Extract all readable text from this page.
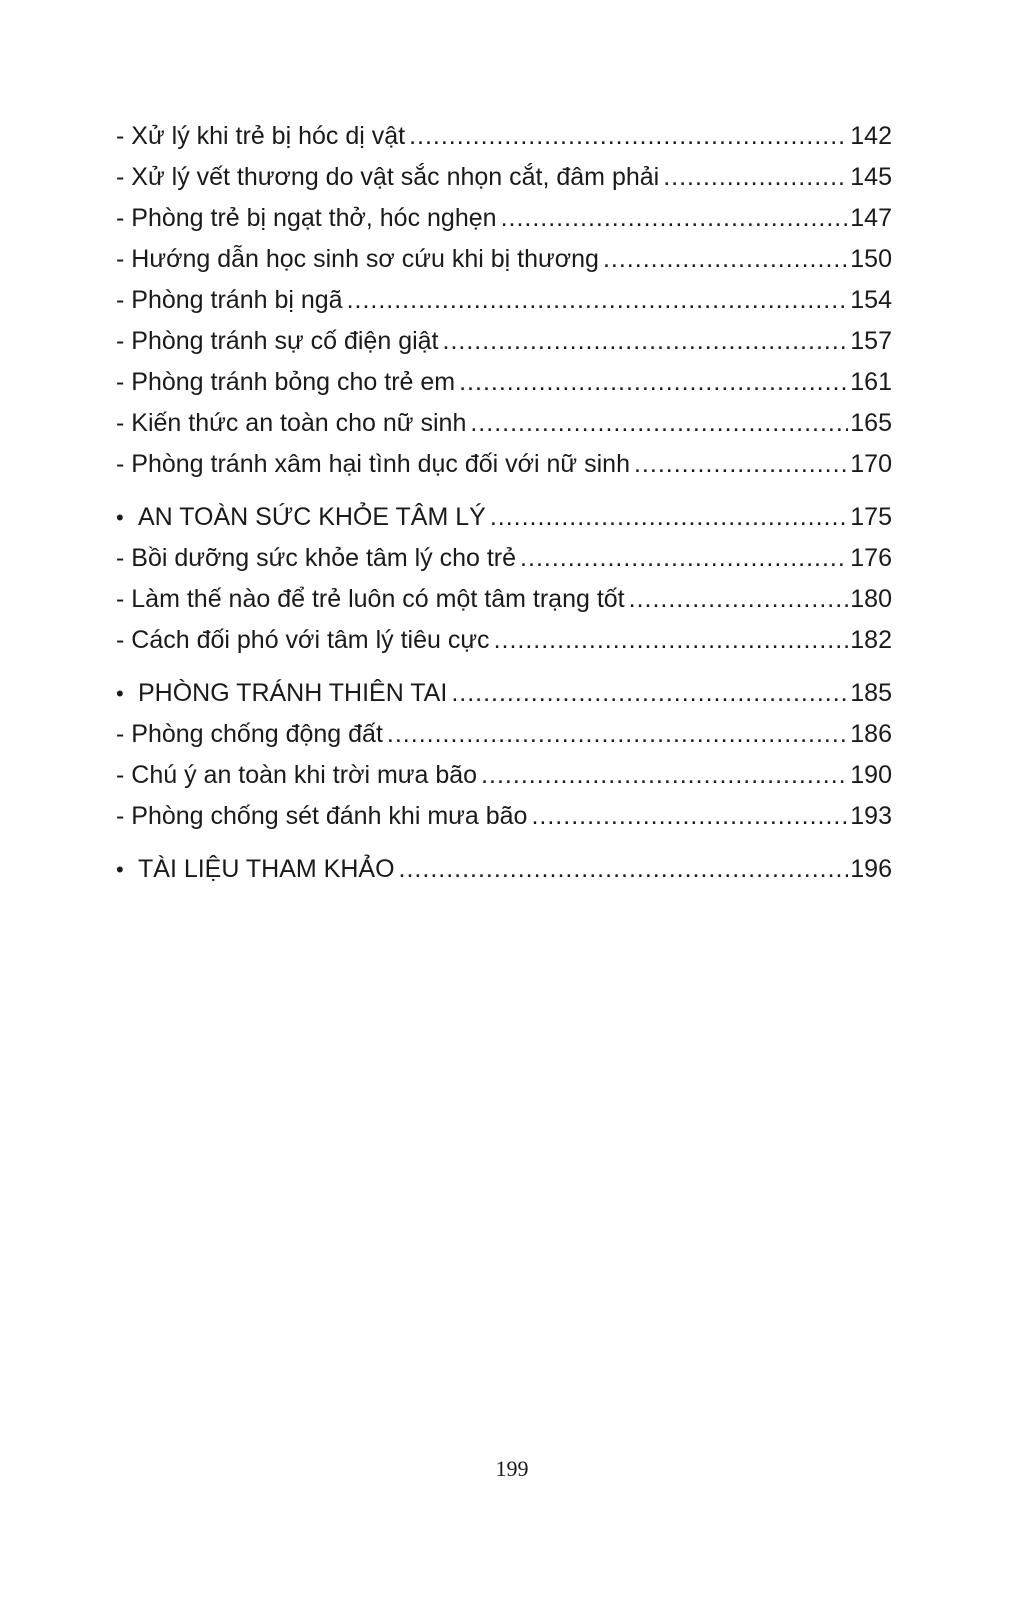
- Xử lý khi trẻ bị hóc dị vật .....	142
- Xử lý vết thương do vật sắc nhọn cắt, đâm phải .....	145
- Phòng trẻ bị ngạt thở, hóc nghẹn .....	147
- Hướng dẫn học sinh sơ cứu khi bị thương .....	150
- Phòng tránh bị ngã .....	154
- Phòng tránh sự cố điện giật .....	157
- Phòng tránh bỏng cho trẻ em .....	161
- Kiến thức an toàn cho nữ sinh .....	165
- Phòng tránh xâm hại tình dục đối với nữ sinh .....	170
• AN TOÀN SỨC KHỎE TÂM LÝ .....	175
- Bồi dưỡng sức khỏe tâm lý cho trẻ .....	176
- Làm thế nào để trẻ luôn có một tâm trạng tốt .....	180
- Cách đối phó với tâm lý tiêu cực .....	182
• PHÒNG TRÁNH THIÊN TAI .....	185
- Phòng chống động đất .....	186
- Chú ý an toàn khi trời mưa bão .....	190
- Phòng chống sét đánh khi mưa bão .....	193
• TÀI LIỆU THAM KHẢO .....	196
199
